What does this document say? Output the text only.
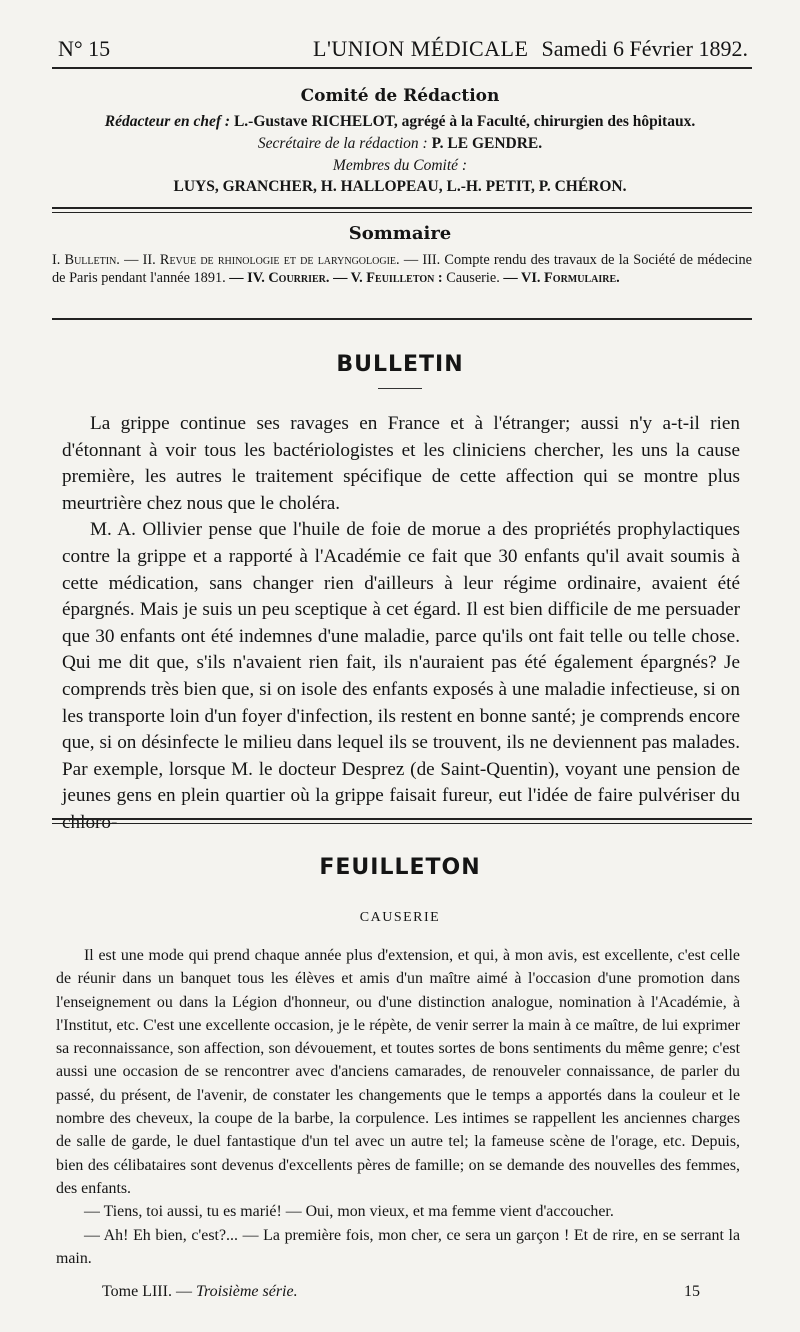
N° 15	L'UNION MÉDICALE Samedi 6 Février 1892.
Comité de Rédaction
Rédacteur en chef : L.-Gustave RICHELOT, agrégé à la Faculté, chirurgien des hôpitaux.
Secrétaire de la rédaction : P. LE GENDRE.
Membres du Comité :
LUYS, GRANCHER, H. HALLOPEAU, L.-H. PETIT, P. CHÉRON.
Sommaire
I. Bulletin. — II. Revue de rhinologie et de laryngologie. — III. Compte rendu des travaux de la Société de médecine de Paris pendant l'année 1891. — IV. Courrier. — V. Feuilleton : Causerie. — VI. Formulaire.
BULLETIN

La grippe continue ses ravages en France et à l'étranger; aussi n'y a-t-il rien d'étonnant à voir tous les bactériologistes et les cliniciens chercher, les uns la cause première, les autres le traitement spécifique de cette affection qui se montre plus meurtrière chez nous que le choléra.

M. A. Ollivier pense que l'huile de foie de morue a des propriétés prophylactiques contre la grippe et a rapporté à l'Académie ce fait que 30 enfants qu'il avait soumis à cette médication, sans changer rien d'ailleurs à leur régime ordinaire, avaient été épargnés. Mais je suis un peu sceptique à cet égard. Il est bien difficile de me persuader que 30 enfants ont été indemnes d'une maladie, parce qu'ils ont fait telle ou telle chose. Qui me dit que, s'ils n'avaient rien fait, ils n'auraient pas été également épargnés? Je comprends très bien que, si on isole des enfants exposés à une maladie infectieuse, si on les transporte loin d'un foyer d'infection, ils restent en bonne santé; je comprends encore que, si on désinfecte le milieu dans lequel ils se trouvent, ils ne deviennent pas malades. Par exemple, lorsque M. le docteur Desprez (de Saint-Quentin), voyant une pension de jeunes gens en plein quartier où la grippe faisait fureur, eut l'idée de faire pulvériser du

FEUILLETON
CAUSERIE

Il est une mode qui prend chaque année plus d'extension, et qui, à mon avis, est excellente, c'est celle de réunir dans un banquet tous les élèves et amis d'un maître aimé à l'occasion d'une promotion dans l'enseignement ou dans la Légion d'honneur, ou d'une distinction analogue, nomination à l'Académie, à l'Institut, etc. C'est une excellente occasion, je le répète, de venir serrer la main à ce maître, de lui exprimer sa reconnaissance, son affection, son dévouement, et toutes sortes de bons sentiments du même genre; c'est aussi une occasion de se rencontrer avec d'anciens camarades, de renouveler connaissance, de parler du passé, du présent, de l'avenir, de constater les changements que le temps a apportés dans la couleur et le nombre des cheveux, la coupe de la barbe, la corpulence. Les intimes se rappellent les anciennes charges de salle de garde, le duel fantastique d'un tel avec un autre tel; la fameuse scène de l'orage, etc. Depuis, bien des célibataires sont devenus d'excellents pères de famille; on se demande des nouvelles des femmes, des enfants.

— Tiens, toi aussi, tu es marié! — Oui, mon vieux, et ma femme vient d'accoucher.

— Ah! Eh bien, c'est?... — La première fois, mon cher, ce sera un garçon ! Et de rire, en se serrant la main.

Tome LIII. — Troisième série.	15
